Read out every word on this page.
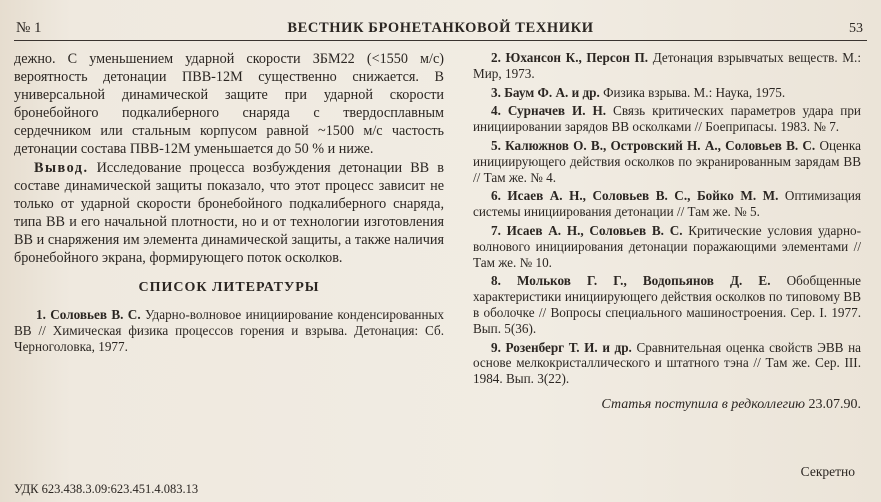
№ 1	ВЕСТНИК БРОНЕТАНКОВОЙ ТЕХНИКИ	53

дежно. С уменьшением ударной скорости ЗБМ22 (<1550 м/с) вероятность детонации ПВВ-12М существенно снижается. В универсальной динамической защите при ударной скорости бронебойного подкалиберного снаряда с твердосплавным сердечником или стальным корпусом равной ~1500 м/с частость детонации состава ПВВ-12М уменьшается до 50 % и ниже.

Вывод. Исследование процесса возбуждения детонации ВВ в составе динамической защиты показало, что этот процесс зависит не только от ударной скорости бронебойного подкалиберного снаряда, типа ВВ и его начальной плотности, но и от технологии изготовления ВВ и снаряжения им элемента динамической защиты, а также наличия бронебойного экрана, формирующего поток осколков.

СПИСОК ЛИТЕРАТУРЫ

1. Соловьев В. С. Ударно-волновое инициирование конденсированных ВВ // Химическая физика процессов горения и взрыва. Детонация: Сб. Черноголовка, 1977.

2. Юхансон К., Персон П. Детонация взрывчатых веществ. М.: Мир, 1973.

3. Баум Ф. А. и др. Физика взрыва. М.: Наука, 1975.

4. Сурначев И. Н. Связь критических параметров удара при инициировании зарядов ВВ осколками // Боеприпасы. 1983. № 7.

5. Калюжнов О. В., Островский Н. А., Соловьев В. С. Оценка инициирующего действия осколков по экранированным зарядам ВВ // Там же. № 4.

6. Исаев А. Н., Соловьев В. С., Бойко М. М. Оптимизация системы инициирования детонации // Там же. № 5.

7. Исаев А. Н., Соловьев В. С. Критические условия ударно-волнового инициирования детонации поражающими элементами // Там же. № 10.

8. Мольков Г. Г., Водопьянов Д. Е. Обобщенные характеристики инициирующего действия осколков по типовому ВВ в оболочке // Вопросы специального машиностроения. Сер. I. 1977. Вып. 5(36).

9. Розенберг Т. И. и др. Сравнительная оценка свойств ЭВВ на основе мелкокристаллического и штатного тэна // Там же. Сер. III. 1984. Вып. 3(22).

Статья поступила в редколлегию 23.07.90.
Секретно
УДК 623.438.3.09:623.451.4.083.13
